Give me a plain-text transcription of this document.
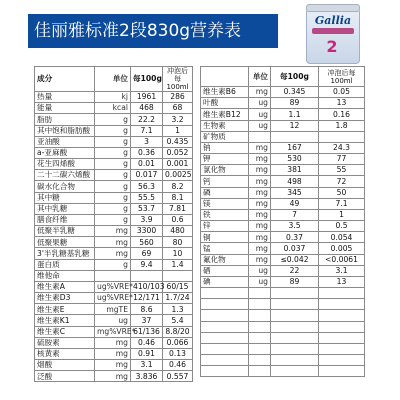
佳丽雅标准2段830g营养表
Gallia
2
成分	单位	每100g	冲泡后每100ml
热量	kj	1961	286
能量	kcal	468	68
脂肪	g	22.2	3.2
其中饱和脂肪酸	g	7.1	1
亚油酸	g	3	0.435
a-亚麻酸	g	0.36	0.052
花生四烯酸	g	0.01	0.001
二十二碳六烯酸	g	0.017	0.0025
碳水化合物	g	56.3	8.2
其中糖	g	55.5	8.1
其中乳糖	g	53.7	7.81
膳食纤维	g	3.9	0.6
低聚半乳糖	mg	3300	480
低聚果糖	mg	560	80
3'半乳糖基乳糖	mg	69	10
蛋白质	g	9.4	1.4
维他命			
维生素A	ug%VRE*	410/103	60/15
维生素D3	ug%VRE*	12/171	1.7/24
维生素E	mgTE	8.6	1.3
维生素K1	ug	37	5.4
维生素C	mg%VRE*	61/136	8.8/20
硫胺素	mg	0.46	0.066
核黄素	mg	0.91	0.13
烟酸	mg	3.1	0.46
泛酸	mg	3.836	0.557
	单位	每100g	冲泡后每100ml
维生素B6	mg	0.345	0.05
叶酸	ug	89	13
维生素B12	ug	1.1	0.16
生物素	ug	12	1.8
矿物质			
钠	mg	167	24.3
钾	mg	530	77
氯化物	mg	381	55
钙	mg	498	72
磷	mg	345	50
镁	mg	49	7.1
铁	mg	7	1
锌	mg	3.5	0.5
铜	mg	0.37	0.054
锰	mg	0.037	0.005
氟化物	mg	≤0.042	<0.0061
硒	ug	22	3.1
碘	ug	89	13
